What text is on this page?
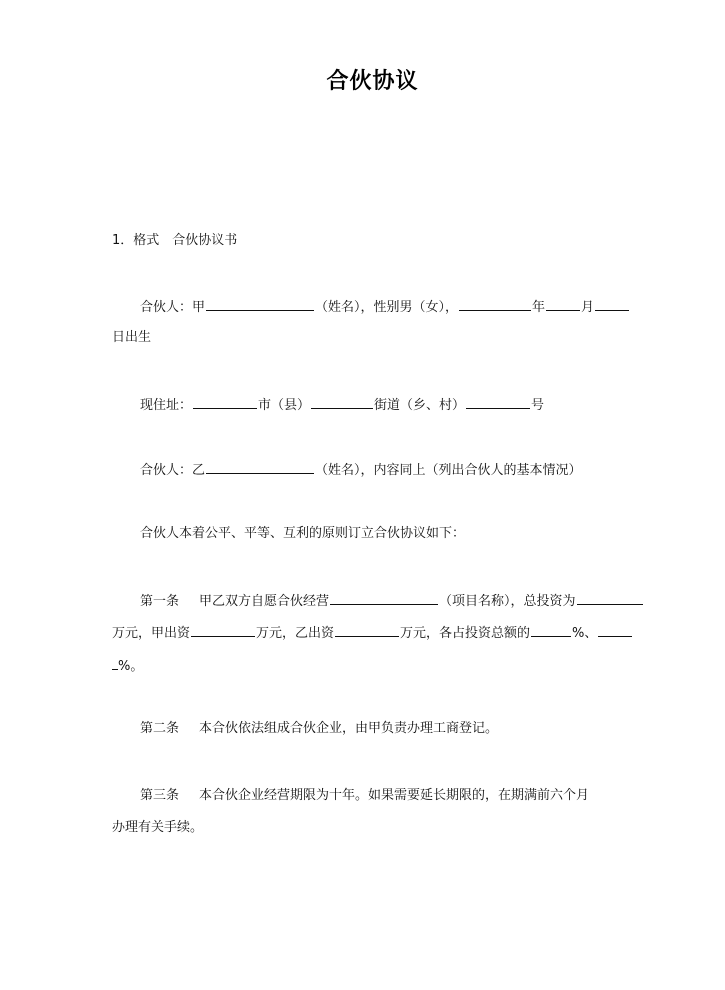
合伙协议
1．格式　合伙协议书
合伙人：甲	（姓名），性别男（女），	年	月
日出生
现住址：	市（县）	街道（乡、村）	号
合伙人：乙	（姓名），内容同上（列出合伙人的基本情况）
合伙人本着公平、平等、互利的原则订立合伙协议如下：
第一条 甲乙双方自愿合伙经营	（项目名称），总投资为
万元，甲出资	万元，乙出资	万元，各占投资总额的	%、
%。
第二条 本合伙依法组成合伙企业，由甲负责办理工商登记。
第三条 本合伙企业经营期限为十年。如果需要延长期限的，在期满前六个月
办理有关手续。
